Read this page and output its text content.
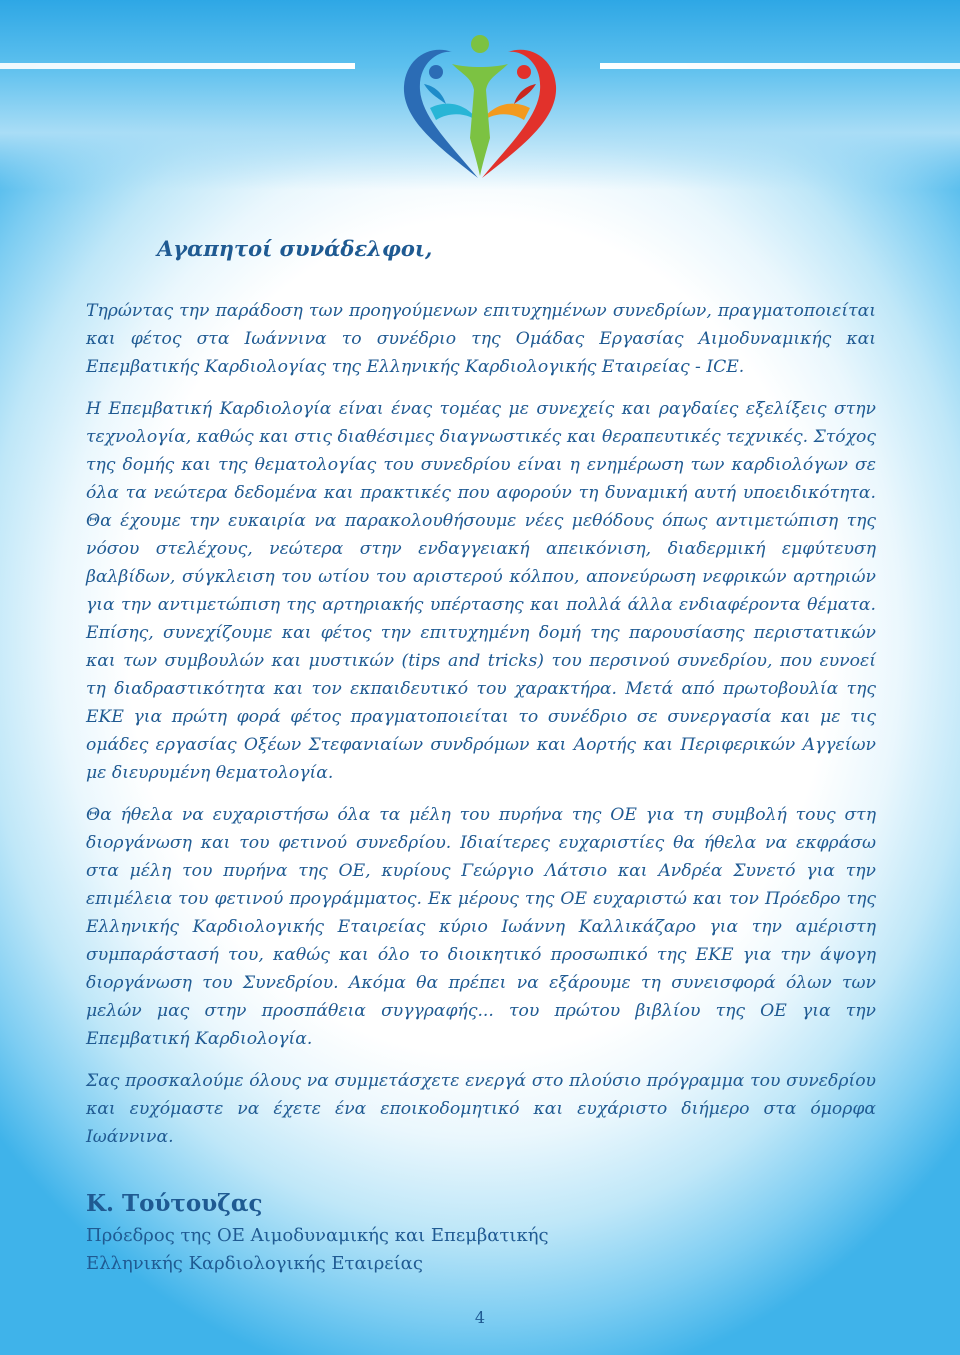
Αγαπητοί συνάδελφοι,

Τηρώντας την παράδοση των προηγούμενων επιτυχημένων συνεδρίων, πραγματοποιείται και φέτος στα Ιωάννινα το συνέδριο της Ομάδας Εργασίας Αιμοδυναμικής και Επεμβατικής Καρδιολογίας της Ελληνικής Καρδιολογικής Εταιρείας - ICE.

Η Επεμβατική Καρδιολογία είναι ένας τομέας με συνεχείς και ραγδαίες εξελίξεις στην τεχνολογία, καθώς και στις διαθέσιμες διαγνωστικές και θεραπευτικές τεχνικές. Στόχος της δομής και της θεματολογίας του συνεδρίου είναι η ενημέρωση των καρδιολόγων σε όλα τα νεώτερα δεδομένα και πρακτικές που αφορούν τη δυναμική αυτή υποειδικότητα. Θα έχουμε την ευκαιρία να παρακολουθήσουμε νέες μεθόδους όπως αντιμετώπιση της νόσου στελέχους, νεώτερα στην ενδαγγειακή απεικόνιση, διαδερμική εμφύτευση βαλβίδων, σύγκλειση του ωτίου του αριστερού κόλπου, απονεύρωση νεφρικών αρτηριών για την αντιμετώπιση της αρτηριακής υπέρτασης και πολλά άλλα ενδιαφέροντα θέματα. Επίσης, συνεχίζουμε και φέτος την επιτυχημένη δομή της παρουσίασης περιστατικών και των συμβουλών και μυστικών (tips and tricks) του περσινού συνεδρίου, που ευνοεί τη διαδραστικότητα και τον εκπαιδευτικό του χαρακτήρα. Μετά από πρωτοβουλία της ΕΚΕ για πρώτη φορά φέτος πραγματοποιείται το συνέδριο σε συνεργασία και με τις ομάδες εργασίας Οξέων Στεφανιαίων συνδρόμων και Αορτής και Περιφερικών Αγγείων με διευρυμένη θεματολογία.

Θα ήθελα να ευχαριστήσω όλα τα μέλη του πυρήνα της ΟΕ για τη συμβολή τους στη διοργάνωση και του φετινού συνεδρίου. Ιδιαίτερες ευχαριστίες θα ήθελα να εκφράσω στα μέλη του πυρήνα της ΟΕ, κυρίους Γεώργιο Λάτσιο και Ανδρέα Συνετό για την επιμέλεια του φετινού προγράμματος. Εκ μέρους της ΟΕ ευχαριστώ και τον Πρόεδρο της Ελληνικής Καρδιολογικής Εταιρείας κύριο Ιωάννη Καλλικάζαρο για την αμέριστη συμπαράστασή του, καθώς και όλο το διοικητικό προσωπικό της ΕΚΕ για την άψογη διοργάνωση του Συνεδρίου. Ακόμα θα πρέπει να εξάρουμε τη συνεισφορά όλων των μελών μας στην προσπάθεια συγγραφής... του πρώτου βιβλίου της ΟΕ για την Επεμβατική Καρδιολογία.

Σας προσκαλούμε όλους να συμμετάσχετε ενεργά στο πλούσιο πρόγραμμα του συνεδρίου και ευχόμαστε να έχετε ένα εποικοδομητικό και ευχάριστο διήμερο στα όμορφα Ιωάννινα.

Κ. Τούτουζας
Πρόεδρος της ΟΕ Αιμοδυναμικής και Επεμβατικής
Ελληνικής Καρδιολογικής Εταιρείας
4
